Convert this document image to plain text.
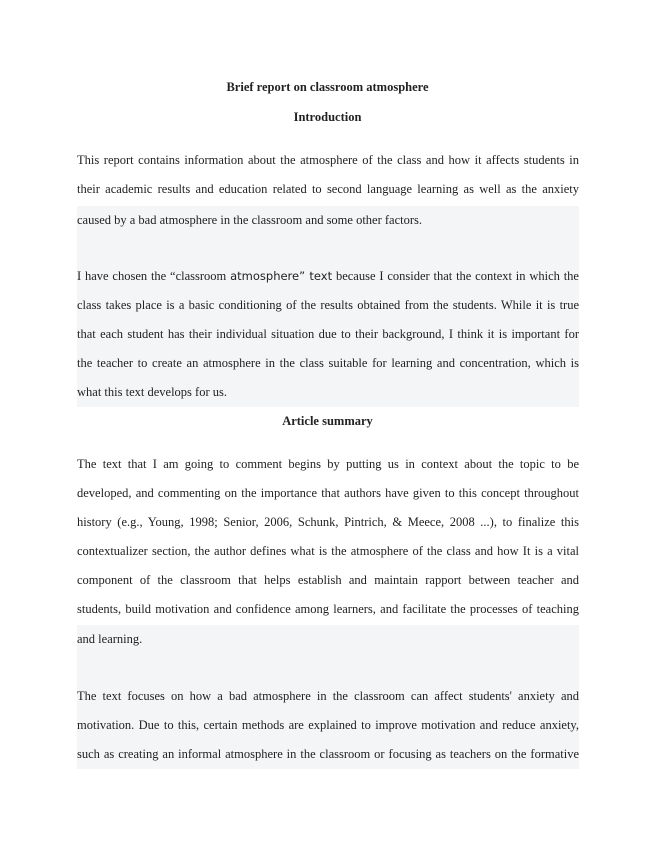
Brief report on classroom atmosphere
Introduction
This report contains information about the atmosphere of the class and how it affects students in
their academic results and education related to second language learning as well as the anxiety
caused by a bad atmosphere in the classroom and some other factors.
I have chosen the “classroom atmosphere” text because I consider that the context in which the
class takes place is a basic conditioning of the results obtained from the students. While it is true
that each student has their individual situation due to their background, I think it is important for
the teacher to create an atmosphere in the class suitable for learning and concentration, which is
what this text develops for us.
Article summary
The text that I am going to comment begins by putting us in context about the topic to be
developed, and commenting on the importance that authors have given to this concept throughout
history (e.g., Young, 1998; Senior, 2006, Schunk, Pintrich, & Meece, 2008 ...), to finalize this
contextualizer section, the author defines what is the atmosphere of the class and how It is a vital
component of the classroom that helps establish and maintain rapport between teacher and
students, build motivation and confidence among learners, and facilitate the processes of teaching
and learning.
The text focuses on how a bad atmosphere in the classroom can affect students' anxiety and
motivation. Due to this, certain methods are explained to improve motivation and reduce anxiety,
such as creating an informal atmosphere in the classroom or focusing as teachers on the formative
